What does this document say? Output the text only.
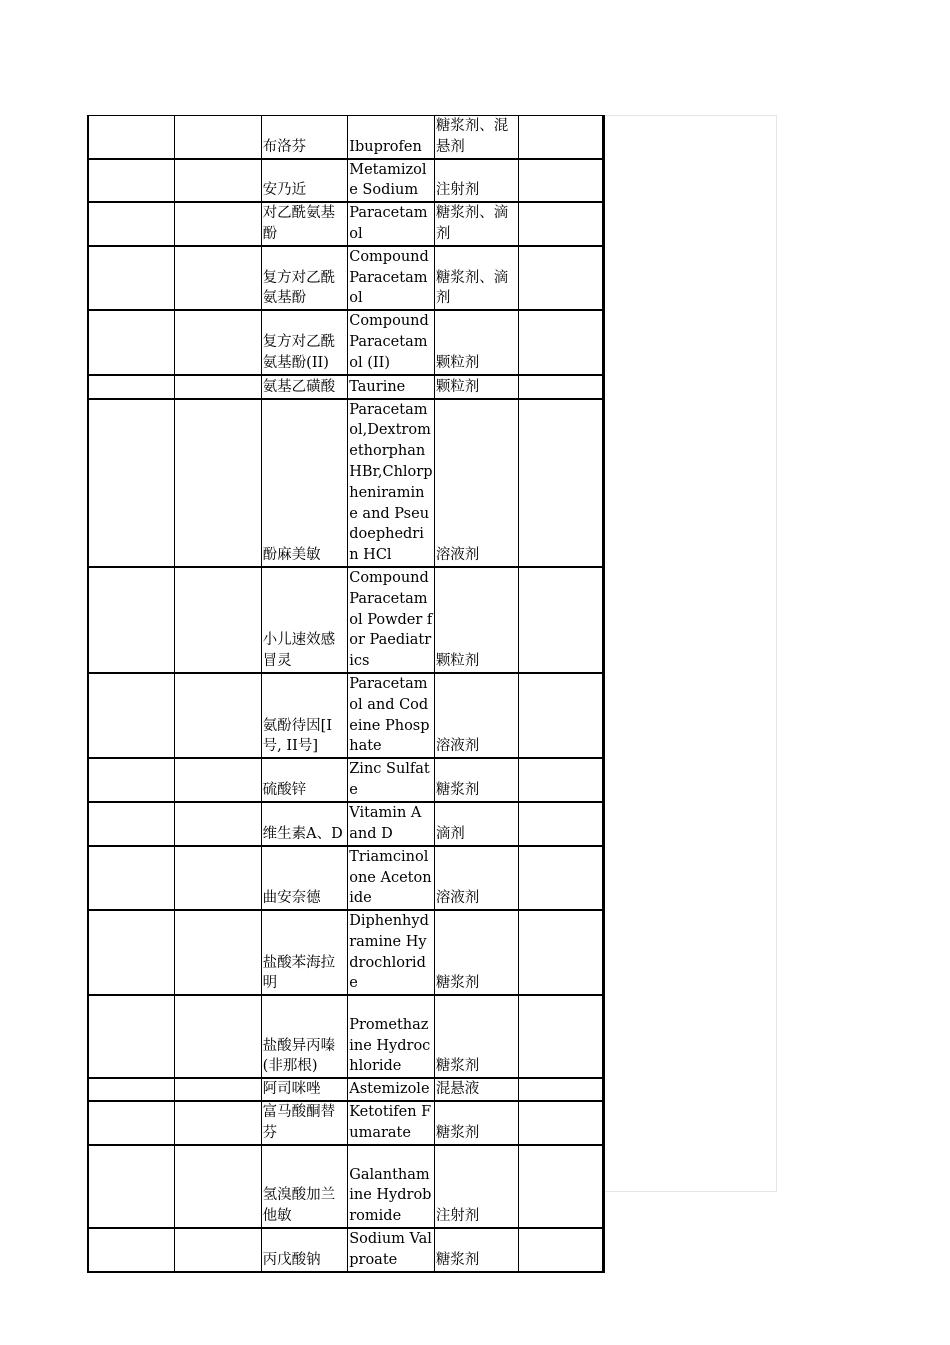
		布洛芬	Ibuprofen	糖浆剂、混悬剂	
		安乃近	Metamizole Sodium	注射剂	
		对乙酰氨基酚	Paracetamol	糖浆剂、滴剂	
		复方对乙酰氨基酚	Compound Paracetamol	糖浆剂、滴剂	
		复方对乙酰氨基酚(II)	Compound Paracetamol (II)	颗粒剂	
		氨基乙磺酸	Taurine	颗粒剂	
		酚麻美敏	Paracetamol,Dextromethorphan HBr,Chlorpheniramine and Pseudoephedrin HCl	溶液剂	
		小儿速效感冒灵	Compound Paracetamol Powder for Paediatrics	颗粒剂	
		氨酚待因[I号, II号]	Paracetamol and Codeine Phosphate	溶液剂	
		硫酸锌	Zinc Sulfate	糖浆剂	
		维生素A、D	Vitamin A and D	滴剂	
		曲安奈德	Triamcinolone Acetonide	溶液剂	
		盐酸苯海拉明	Diphenhydramine Hydrochloride	糖浆剂	
		盐酸异丙嗪(非那根)	Promethazine Hydrochloride	糖浆剂	
		阿司咪唑	Astemizole	混悬液	
		富马酸酮替芬	Ketotifen Fumarate	糖浆剂	
		氢溴酸加兰他敏	Galanthamine Hydrobromide	注射剂	
		丙戊酸钠	Sodium Valproate	糖浆剂	
